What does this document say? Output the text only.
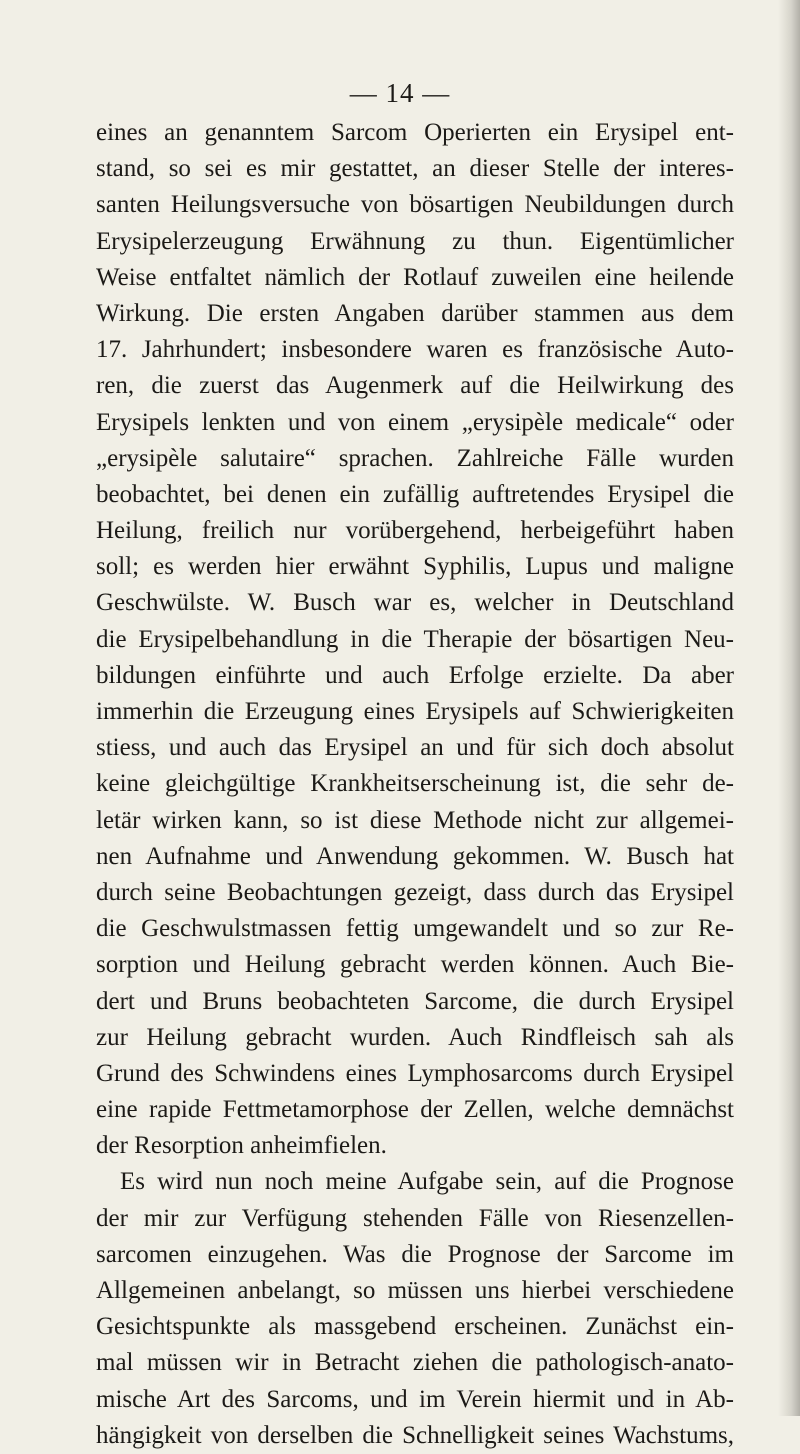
— 14 —
eines an genanntem Sarcom Operierten ein Erysipel ent-
stand, so sei es mir gestattet, an dieser Stelle der interes-
santen Heilungsversuche von bösartigen Neubildungen durch
Erysipelerzeugung Erwähnung zu thun. Eigentümlicher
Weise entfaltet nämlich der Rotlauf zuweilen eine heilende
Wirkung. Die ersten Angaben darüber stammen aus dem
17. Jahrhundert; insbesondere waren es französische Auto-
ren, die zuerst das Augenmerk auf die Heilwirkung des
Erysipels lenkten und von einem „erysipèle medicale“ oder
„erysipèle salutaire“ sprachen. Zahlreiche Fälle wurden
beobachtet, bei denen ein zufällig auftretendes Erysipel die
Heilung, freilich nur vorübergehend, herbeigeführt haben
soll; es werden hier erwähnt Syphilis, Lupus und maligne
Geschwülste. W. Busch war es, welcher in Deutschland
die Erysipelbehandlung in die Therapie der bösartigen Neu-
bildungen einführte und auch Erfolge erzielte. Da aber
immerhin die Erzeugung eines Erysipels auf Schwierigkeiten
stiess, und auch das Erysipel an und für sich doch absolut
keine gleichgültige Krankheitserscheinung ist, die sehr de-
letär wirken kann, so ist diese Methode nicht zur allgemei-
nen Aufnahme und Anwendung gekommen. W. Busch hat
durch seine Beobachtungen gezeigt, dass durch das Erysipel
die Geschwulstmassen fettig umgewandelt und so zur Re-
sorption und Heilung gebracht werden können. Auch Bie-
dert und Bruns beobachteten Sarcome, die durch Erysipel
zur Heilung gebracht wurden. Auch Rindfleisch sah als
Grund des Schwindens eines Lymphosarcoms durch Erysipel
eine rapide Fettmetamorphose der Zellen, welche demnächst
der Resorption anheimfielen.
Es wird nun noch meine Aufgabe sein, auf die Prognose
der mir zur Verfügung stehenden Fälle von Riesenzellen-
sarcomen einzugehen. Was die Prognose der Sarcome im
Allgemeinen anbelangt, so müssen uns hierbei verschiedene
Gesichtspunkte als massgebend erscheinen. Zunächst ein-
mal müssen wir in Betracht ziehen die pathologisch-anato-
mische Art des Sarcoms, und im Verein hiermit und in Ab-
hängigkeit von derselben die Schnelligkeit seines Wachstums,
